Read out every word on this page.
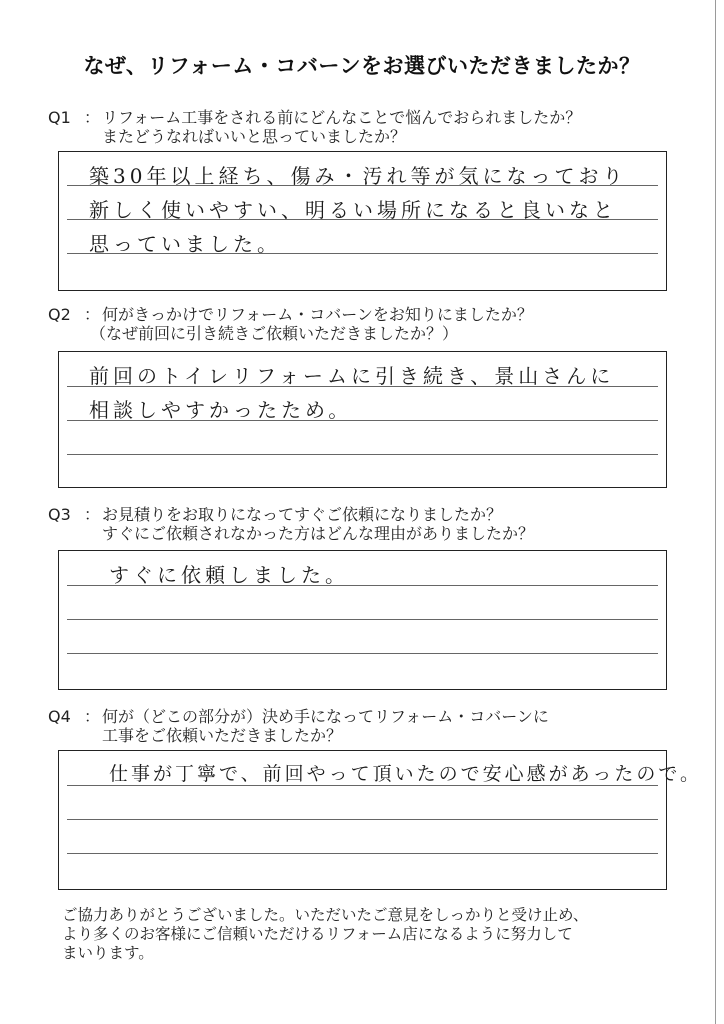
なぜ、リフォーム・コバーンをお選びいただきましたか？
Q1 ： リフォーム工事をされる前にどんなことで悩んでおられましたか？
またどうなればいいと思っていましたか？
築30年以上経ち、傷み・汚れ等が気になっており
新しく使いやすい、明るい場所になると良いなと
思っていました。
Q2 ： 何がきっかけでリフォーム・コバーンをお知りにましたか？
（なぜ前回に引き続きご依頼いただきましたか？）
前回のトイレリフォームに引き続き、景山さんに
相談しやすかったため。
Q3 ： お見積りをお取りになってすぐご依頼になりましたか？
すぐにご依頼されなかった方はどんな理由がありましたか？
すぐに依頼しました。
Q4 ： 何が（どこの部分が）決め手になってリフォーム・コバーンに
工事をご依頼いただきましたか？
仕事が丁寧で、前回やって頂いたので安心感があったので。
ご協力ありがとうございました。いただいたご意見をしっかりと受け止め、
より多くのお客様にご信頼いただけるリフォーム店になるように努力して
まいります。
